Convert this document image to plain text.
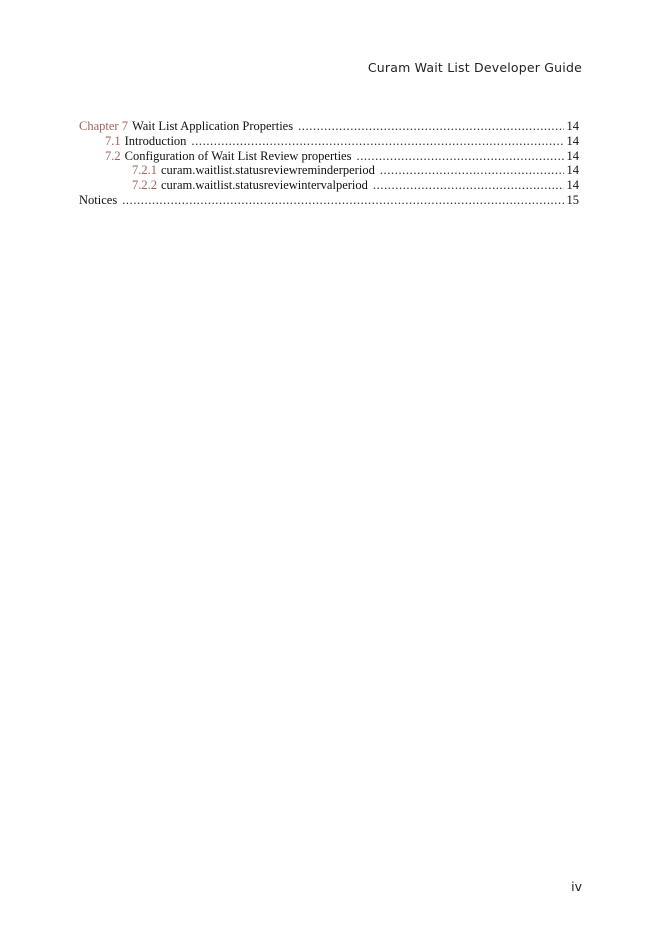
Curam Wait List Developer Guide
Chapter 7 Wait List Application Properties .....	14
7.1 Introduction .....	14
7.2 Configuration of Wait List Review properties .....	14
7.2.1 curam.waitlist.statusreviewreminderperiod .....	14
7.2.2 curam.waitlist.statusreviewintervalperiod .....	14
Notices .....	15
iv
